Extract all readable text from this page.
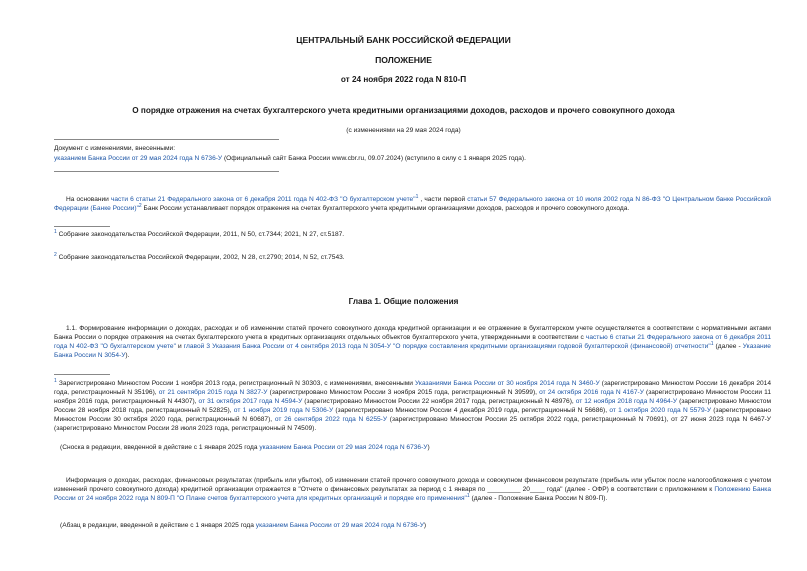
ЦЕНТРАЛЬНЫЙ БАНК РОССИЙСКОЙ ФЕДЕРАЦИИ
ПОЛОЖЕНИЕ
от 24 ноября 2022 года N 810-П
О порядке отражения на счетах бухгалтерского учета кредитными организациями доходов, расходов и прочего совокупного дохода
(с изменениями на 29 мая 2024 года)
Документ с изменениями, внесенными:
указанием Банка России от 29 мая 2024 года N 6736-У (Официальный сайт Банка России www.cbr.ru, 09.07.2024) (вступило в силу с 1 января 2025 года).
На основании части 6 статьи 21 Федерального закона от 6 декабря 2011 года N 402-ФЗ "О бухгалтерском учете"$^1$ , части первой статьи 57 Федерального закона от 10 июля 2002 года N 86-ФЗ "О Центральном банке Российской Федерации (Банке России)"$^2$ Банк России устанавливает порядок отражения на счетах бухгалтерского учета кредитными организациями доходов, расходов и прочего совокупного дохода.
$^1$ Собрание законодательства Российской Федерации, 2011, N 50, ст.7344; 2021, N 27, ст.5187.
$^2$ Собрание законодательства Российской Федерации, 2002, N 28, ст.2790; 2014, N 52, ст.7543.
Глава 1. Общие положения
1.1. Формирование информации о доходах, расходах и об изменении статей прочего совокупного дохода кредитной организации и ее отражение в бухгалтерском учете осуществляется в соответствии с нормативными актами Банка России о порядке отражения на счетах бухгалтерского учета в кредитных организациях отдельных объектов бухгалтерского учета, утвержденными в соответствии с частью 6 статьи 21 Федерального закона от 6 декабря 2011 года N 402-ФЗ "О бухгалтерском учете" и главой 3 Указания Банка России от 4 сентября 2013 года N 3054-У "О порядке составления кредитными организациями годовой бухгалтерской (финансовой) отчетности"$^1$ (далее - Указание Банка России N 3054-У).
$^1$ Зарегистрировано Минюстом России 1 ноября 2013 года, регистрационный N 30303, с изменениями, внесенными Указаниями Банка России от 30 ноября 2014 года N 3460-У (зарегистрировано Минюстом России 16 декабря 2014 года, регистрационный N 35196), от 21 сентября 2015 года N 3827-У (зарегистрировано Минюстом России 3 ноября 2015 года, регистрационный N 39599), от 24 октября 2016 года N 4167-У (зарегистрировано Минюстом России 11 ноября 2016 года, регистрационный N 44307), от 31 октября 2017 года N 4594-У (зарегистрировано Минюстом России 22 ноября 2017 года, регистрационный N 48976), от 12 ноября 2018 года N 4964-У (зарегистрировано Минюстом России 28 ноября 2018 года, регистрационный N 52825), от 1 ноября 2019 года N 5306-У (зарегистрировано Минюстом России 4 декабря 2019 года, регистрационный N 56686), от 1 октября 2020 года N 5579-У (зарегистрировано Минюстом России 30 октября 2020 года, регистрационный N 60687), от 26 сентября 2022 года N 6255-У (зарегистрировано Минюстом России 25 октября 2022 года, регистрационный N 70691), от 27 июня 2023 года N 6467-У (зарегистрировано Минюстом России 28 июля 2023 года, регистрационный N 74509).
(Сноска в редакции, введенной в действие с 1 января 2025 года указанием Банка России от 29 мая 2024 года N 6736-У)
Информация о доходах, расходах, финансовых результатах (прибыль или убыток), об изменении статей прочего совокупного дохода и совокупном финансовом результате (прибыль или убыток после налогообложения с учетом изменений прочего совокупного дохода) кредитной организации отражается в "Отчете о финансовых результатах за период с 1 января по _________ 20____ года" (далее - ОФР) в соответствии с приложением к Положению Банка России от 24 ноября 2022 года N 809-П "О Плане счетов бухгалтерского учета для кредитных организаций и порядке его применения"$^1$ (далее - Положение Банка России N 809-П).
(Абзац в редакции, введенной в действие с 1 января 2025 года указанием Банка России от 29 мая 2024 года N 6736-У)
